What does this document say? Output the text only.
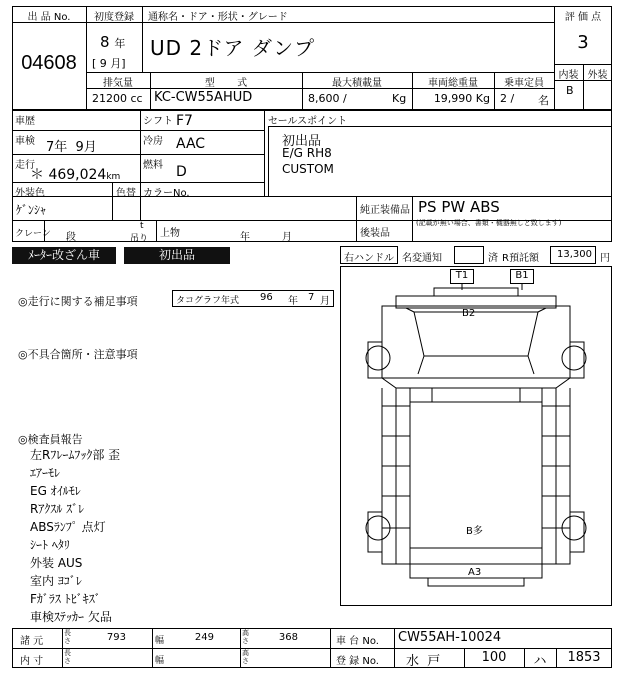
出 品 No.
04608
初度登録	通称名・ドア・形状・グレード
8 年
[ 9 月]
UD 2ドア ダンプ
評 価 点
3
内装 外装
B
排気量	型       式	最大積載量	車両総重量	乗車定員
21200 cc KC-CW55AHUD	8,600 /	Kg	19,990 Kg 2 / 名
車歴	シフト F7
車検 7年  9月	冷房 AAC
走行
＊ 469,024km
燃料 D
外装色	色替 カラーNo.
ｹﾞﾝｼｬ
セールスポイント
初出品
E/G RH8
CUSTOM
純正装備品 PS PW ABS
後装品
(記載が無い場合、書類・機器無しと致します)
クレーン 段
t
吊り 上物	年	月
ﾒｰﾀｰ改ざん車	初出品	右ハンドル 名変通知	済 R預託額	13,300 円
◎走行に関する補足事項	タコグラフ年式 96 年 7 月
◎不具合箇所・注意事項
◎検査員報告
左Rﾌﾚｰﾑﾌｯｸ部 歪
ｴｱｰﾓﾚ
EG ｵｲﾙﾓﾚ
Rｱｸｽﾙ ｽﾞﾚ
ABSﾗﾝﾌﾟ 点灯
ｼｰﾄ ﾍﾀﾘ
外装 AUS
室内 ﾖｺﾞﾚ
Fｶﾞﾗｽ ﾄﾋﾞｷｽﾞ
車検ｽﾃｯｶｰ 欠品
T1	B1
B2
B多
A3
諸 元
長さ	793	幅	249	高さ	368	車 台 No. CW55AH-10024
内 寸
長さ	幅
高さ	登 録 No. 水  戸	100	ハ	1853
